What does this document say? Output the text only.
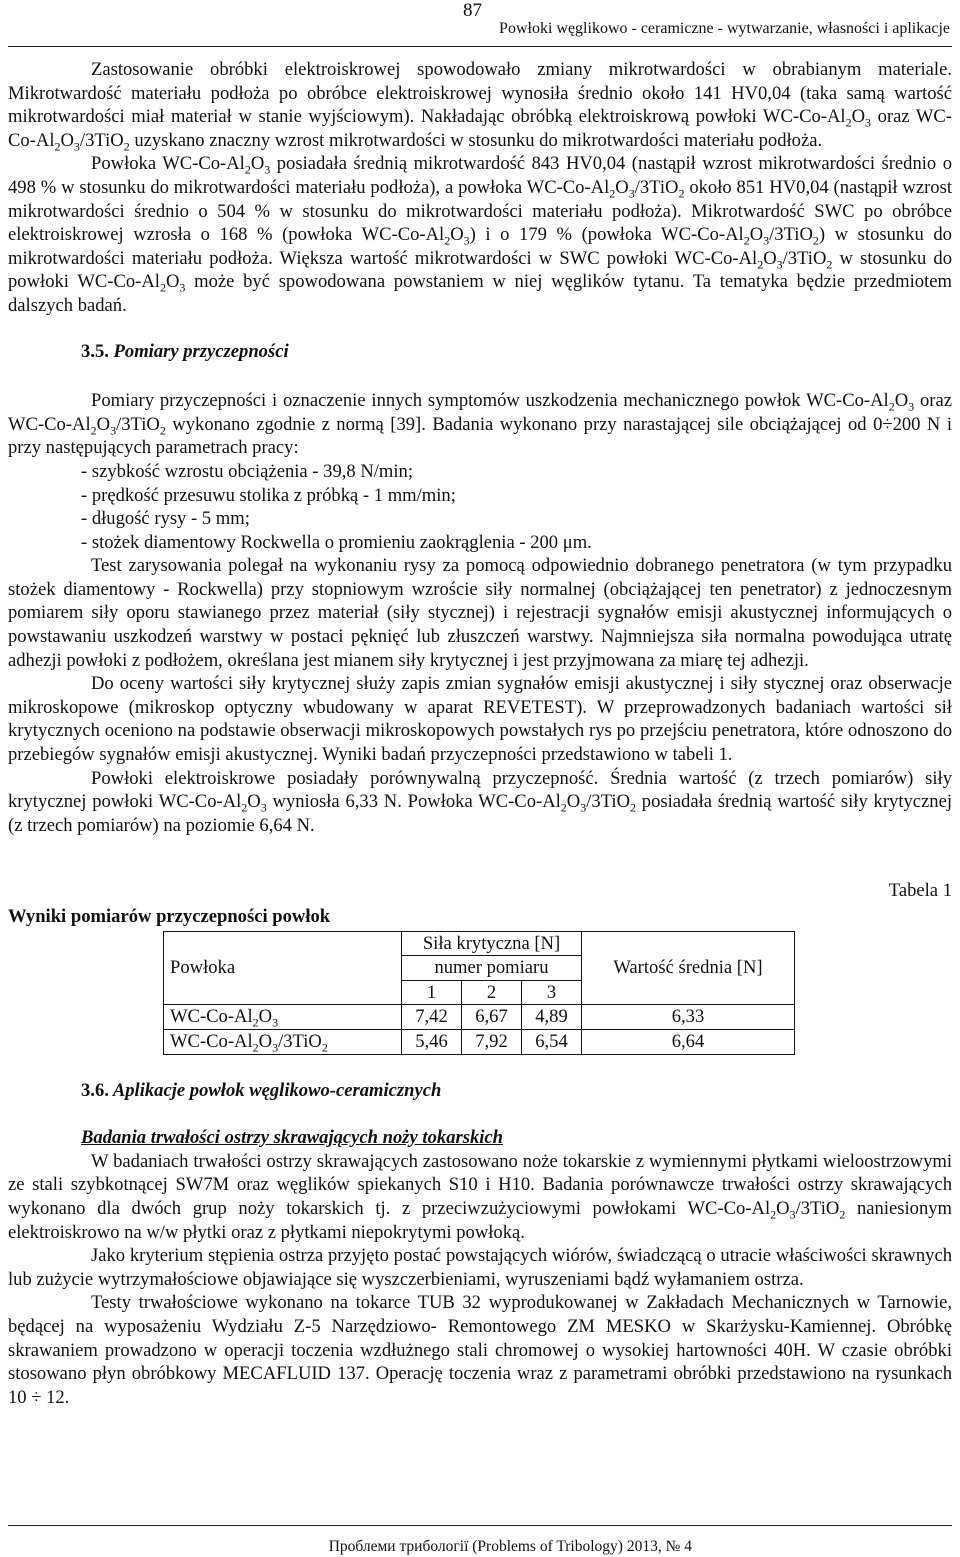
87
Powłoki węglikowo - ceramiczne - wytwarzanie, własności i aplikacje

Zastosowanie obróbki elektroiskrowej spowodowało zmiany mikrotwardości w obrabianym materiale. Mikrotwardość materiału podłoża po obróbce elektroiskrowej wynosiła średnio około 141 HV0,04 (taka samą wartość mikrotwardości miał materiał w stanie wyjściowym). Nakładając obróbką elektroiskrową powłoki $WC-Co-Al_2O_3$ oraz $WC-Co-Al_2O_3/3TiO_2$ uzyskano znaczny wzrost mikrotwardości w stosunku do mikrotwardości materiału podłoża.

Powłoka $WC-Co-Al_2O_3$ posiadała średnią mikrotwardość 843 HV0,04 (nastąpił wzrost mikrotwardości średnio o 498 % w stosunku do mikrotwardości materiału podłoża), a powłoka $WC-Co-Al_2O_3/3TiO_2$ około 851 HV0,04 (nastąpił wzrost mikrotwardości średnio o 504 % w stosunku do mikrotwardości materiału podłoża). Mikrotwardość SWC po obróbce elektroiskrowej wzrosła o 168 % (powłoka $WC-Co-Al_2O_3$) i o 179 % (powłoka $WC-Co-Al_2O_3/3TiO_2$) w stosunku do mikrotwardości materiału podłoża. Większa wartość mikrotwardości w SWC powłoki $WC-Co-Al_2O_3/3TiO_2$ w stosunku do powłoki $WC-Co-Al_2O_3$ może być spowodowana powstaniem w niej węglików tytanu. Ta tematyka będzie przedmiotem dalszych badań.

3.5. Pomiary przyczepności

Pomiary przyczepności i oznaczenie innych symptomów uszkodzenia mechanicznego powłok $WC-Co-Al_2O_3$ oraz $WC-Co-Al_2O_3/3TiO_2$ wykonano zgodnie z normą [39]. Badania wykonano przy narastającej sile obciążającej od 0÷200 N i przy następujących parametrach pracy:

- szybkość wzrostu obciążenia - 39,8 N/min;

- prędkość przesuwu stolika z próbką - 1 mm/min;

- długość rysy - 5 mm;

- stożek diamentowy Rockwella o promieniu zaokrąglenia - 200 μm.

Test zarysowania polegał na wykonaniu rysy za pomocą odpowiednio dobranego penetratora (w tym przypadku stożek diamentowy - Rockwella) przy stopniowym wzroście siły normalnej (obciążającej ten penetrator) z jednoczesnym pomiarem siły oporu stawianego przez materiał (siły stycznej) i rejestracji sygnałów emisji akustycznej informujących o powstawaniu uszkodzeń warstwy w postaci pęknięć lub złuszczeń warstwy. Najmniejsza siła normalna powodująca utratę adhezji powłoki z podłożem, określana jest mianem siły krytycznej i jest przyjmowana za miarę tej adhezji.

Do oceny wartości siły krytycznej służy zapis zmian sygnałów emisji akustycznej i siły stycznej oraz obserwacje mikroskopowe (mikroskop optyczny wbudowany w aparat REVETEST). W przeprowadzonych badaniach wartości sił krytycznych oceniono na podstawie obserwacji mikroskopowych powstałych rys po przejściu penetratora, które odnoszono do przebiegów sygnałów emisji akustycznej. Wyniki badań przyczepności przedstawiono w tabeli 1.

Powłoki elektroiskrowe posiadały porównywalną przyczepność. Średnia wartość (z trzech pomiarów) siły krytycznej powłoki $WC-Co-Al_2O_3$ wyniosła 6,33 N. Powłoka $WC-Co-Al_2O_3/3TiO_2$ posiadała średnią wartość siły krytycznej (z trzech pomiarów) na poziomie 6,64 N.

Tabela 1

Wyniki pomiarów przyczepności powłok

Powłoka	Siła krytyczna [N]			Wartość średnia [N]
	numer pomiaru			
	1	2	3	
$WC-Co-Al_2O_3$	7,42	6,67	4,89	6,33
$WC-Co-Al_2O_3/3TiO_2$	5,46	7,92	6,54	6,64

3.6. Aplikacje powłok węglikowo-ceramicznych

Badania trwałości ostrzy skrawających noży tokarskich

W badaniach trwałości ostrzy skrawających zastosowano noże tokarskie z wymiennymi płytkami wieloostrzowymi ze stali szybkotnącej SW7M oraz węglików spiekanych S10 i H10. Badania porównawcze trwałości ostrzy skrawających wykonano dla dwóch grup noży tokarskich tj. z przeciwzużyciowymi powłokami $WC-Co-Al_2O_3/3TiO_2$ naniesionym elektroiskrowo na w/w płytki oraz z płytkami niepokrytymi powłoką.

Jako kryterium stępienia ostrza przyjęto postać powstających wiórów, świadczącą o utracie właściwości skrawnych lub zużycie wytrzymałościowe objawiające się wyszczerbieniami, wyruszeniami bądź wyłamaniem ostrza.

Testy trwałościowe wykonano na tokarce TUB 32 wyprodukowanej w Zakładach Mechanicznych w Tarnowie, będącej na wyposażeniu Wydziału Z-5 Narzędziowo- Remontowego ZM MESKO w Skarżysku-Kamiennej. Obróbkę skrawaniem prowadzono w operacji toczenia wzdłużnego stali chromowej o wysokiej hartowności 40H. W czasie obróbki stosowano płyn obróbkowy MECAFLUID 137. Operację toczenia wraz z parametrami obróbki przedstawiono na rysunkach 10 ÷ 12.

Проблеми трибології (Problems of Tribology) 2013, № 4
